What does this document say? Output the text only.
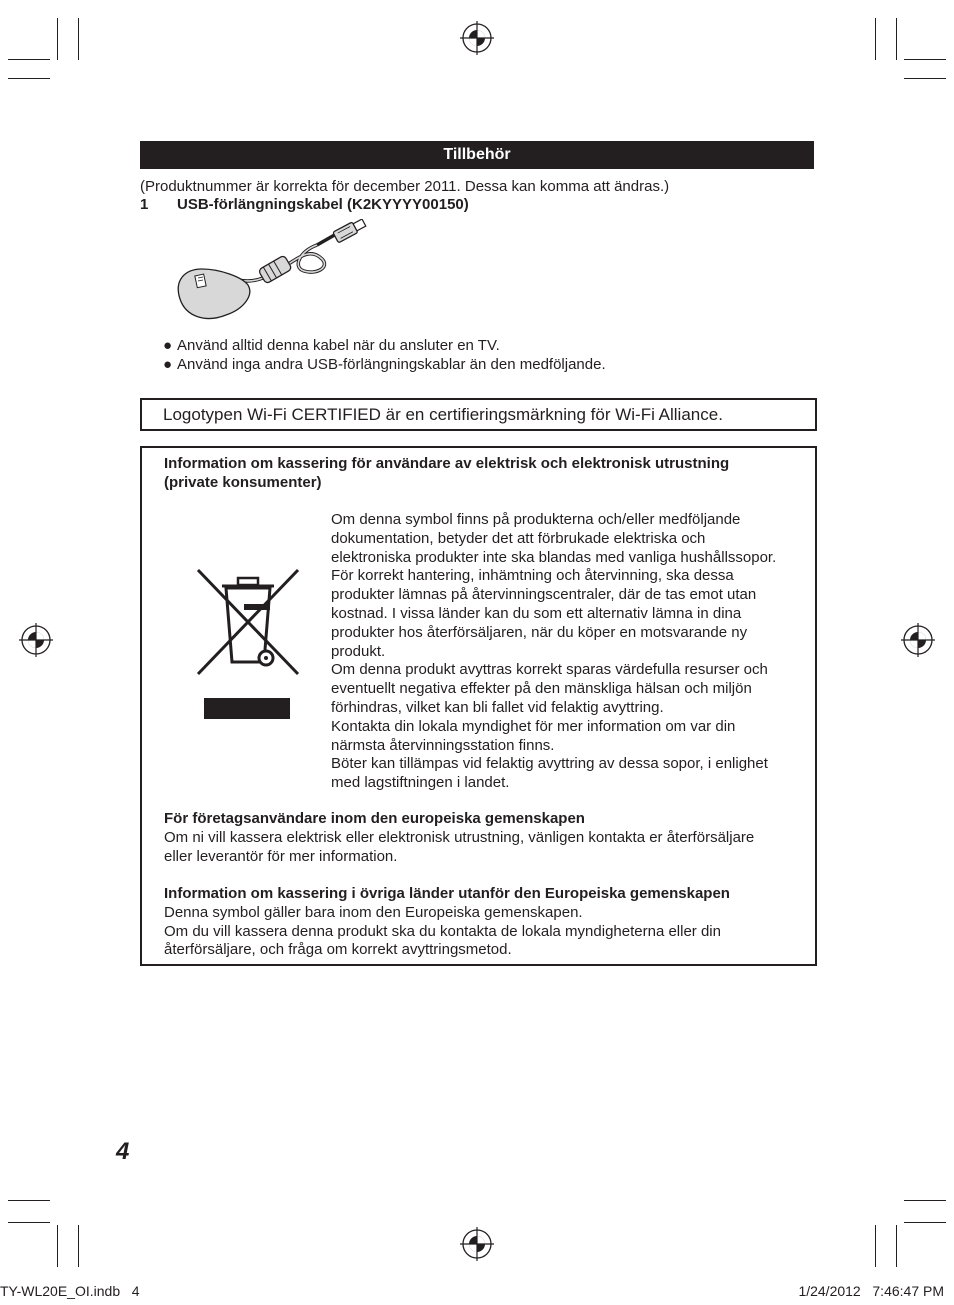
Tillbehör
(Produktnummer är korrekta för december 2011. Dessa kan komma att ändras.)
1 USB-förlängningskabel (K2KYYYY00150)
● Använd alltid denna kabel när du ansluter en TV.
● Använd inga andra USB-förlängningskablar än den medföljande.
Logotypen Wi-Fi CERTIFIED är en certifieringsmärkning för Wi-Fi Alliance.
Information om kassering för användare av elektrisk och elektronisk utrustning
(private konsumenter)
Om denna symbol finns på produkterna och/eller medföljande
dokumentation, betyder det att förbrukade elektriska och
elektroniska produkter inte ska blandas med vanliga hushållssopor.
För korrekt hantering, inhämtning och återvinning, ska dessa
produkter lämnas på återvinningscentraler, där de tas emot utan
kostnad. I vissa länder kan du som ett alternativ lämna in dina
produkter hos återförsäljaren, när du köper en motsvarande ny
produkt.
Om denna produkt avyttras korrekt sparas värdefulla resurser och
eventuellt negativa effekter på den mänskliga hälsan och miljön
förhindras, vilket kan bli fallet vid felaktig avyttring.
Kontakta din lokala myndighet för mer information om var din
närmsta återvinningsstation finns.
Böter kan tillämpas vid felaktig avyttring av dessa sopor, i enlighet
med lagstiftningen i landet.
För företagsanvändare inom den europeiska gemenskapen
Om ni vill kassera elektrisk eller elektronisk utrustning, vänligen kontakta er återförsäljare
eller leverantör för mer information.
Information om kassering i övriga länder utanför den Europeiska gemenskapen
Denna symbol gäller bara inom den Europeiska gemenskapen.
Om du vill kassera denna produkt ska du kontakta de lokala myndigheterna eller din
återförsäljare, och fråga om korrekt avyttringsmetod.
4
TY-WL20E_OI.indb   4	1/24/2012   7:46:47 PM
